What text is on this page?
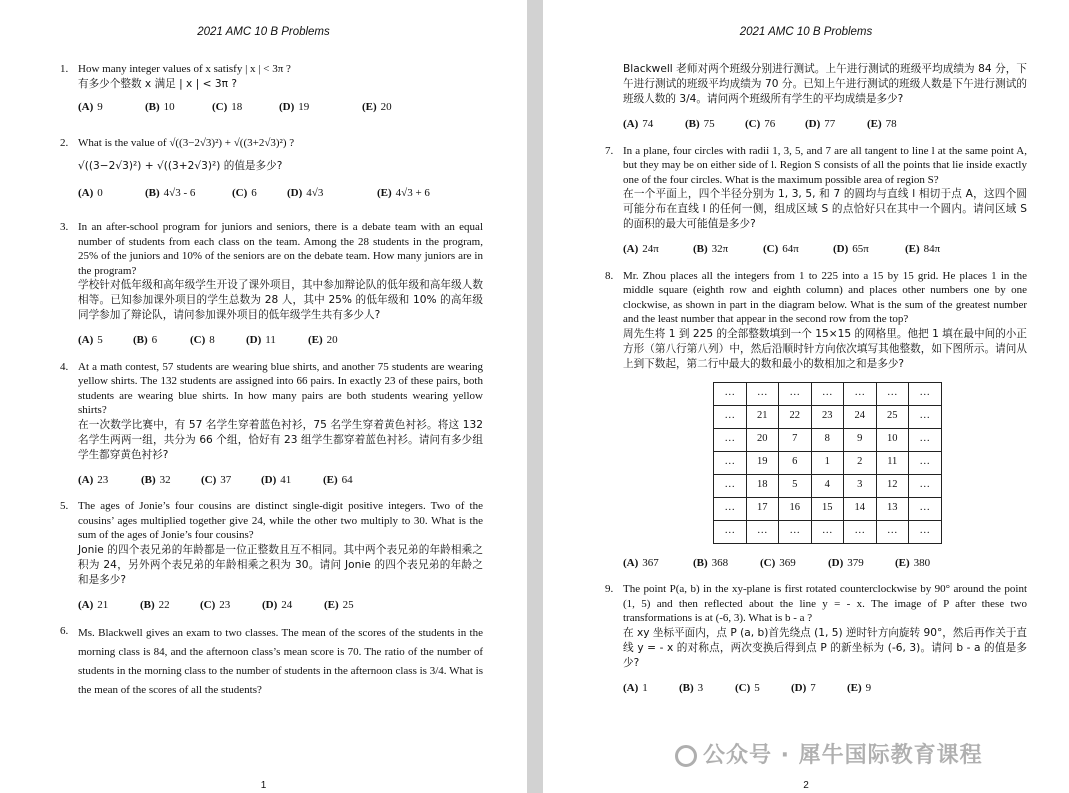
2021 AMC 10 B Problems
1. How many integer values of x satisfy | x | < 3π ?
有多少个整数 x 满足 | x | < 3π ?
(A) 9	(B) 10	(C) 18	(D) 19	(E) 20
2. What is the value of √((3−2√3)²) + √((3+2√3)²) ?
√((3−2√3)²) + √((3+2√3)²) 的值是多少?
(A) 0	(B) 4√3 - 6	(C) 6	(D) 4√3	(E) 4√3 + 6
3. In an after-school program for juniors and seniors, there is a debate team with an equal number of students from each class on the team. Among the 28 students in the program, 25% of the juniors and 10% of the seniors are on the debate team. How many juniors are in the program?
学校针对低年级和高年级学生开设了课外项目，其中参加辩论队的低年级和高年级人数相等。已知参加课外项目的学生总数为 28 人，其中 25% 的低年级和 10% 的高年级同学参加了辩论队，请问参加课外项目的低年级学生共有多少人?
(A) 5	(B) 6	(C) 8	(D) 11	(E) 20
4. At a math contest, 57 students are wearing blue shirts, and another 75 students are wearing yellow shirts. The 132 students are assigned into 66 pairs. In exactly 23 of these pairs, both students are wearing blue shirts. In how many pairs are both students wearing yellow shirts?
在一次数学比赛中，有 57 名学生穿着蓝色衬衫，75 名学生穿着黄色衬衫。将这 132 名学生两两一组，共分为 66 个组，恰好有 23 组学生都穿着蓝色衬衫。请问有多少组学生都穿黄色衬衫?
(A) 23	(B) 32	(C) 37	(D) 41	(E) 64
5. The ages of Jonie’s four cousins are distinct single-digit positive integers. Two of the cousins’ ages multiplied together give 24, while the other two multiply to 30. What is the sum of the ages of Jonie’s four cousins?
Jonie 的四个表兄弟的年龄都是一位正整数且互不相同。其中两个表兄弟的年龄相乘之积为 24，另外两个表兄弟的年龄相乘之积为 30。请问 Jonie 的四个表兄弟的年龄之和是多少?
(A) 21	(B) 22	(C) 23	(D) 24	(E) 25
6. Ms. Blackwell gives an exam to two classes. The mean of the scores of the students in the morning class is 84, and the afternoon class’s mean score is 70. The ratio of the number of students in the morning class to the number of students in the afternoon class is 3/4. What is the mean of the scores of all the students?
1
2021 AMC 10 B Problems
Blackwell 老师对两个班级分别进行测试。上午进行测试的班级平均成绩为 84 分，下午进行测试的班级平均成绩为 70 分。已知上午进行测试的班级人数是下午进行测试的班级人数的 3/4。请问两个班级所有学生的平均成绩是多少?
(A) 74	(B) 75	(C) 76	(D) 77	(E) 78
7. In a plane, four circles with radii 1, 3, 5, and 7 are all tangent to line l at the same point A, but they may be on either side of l. Region S consists of all the points that lie inside exactly one of the four circles. What is the maximum possible area of region S?
在一个平面上，四个半径分别为 1, 3, 5, 和 7 的圆均与直线 l 相切于点 A，这四个圆可能分布在直线 l 的任何一侧，组成区域 S 的点恰好只在其中一个圆内。请问区域 S 的面积的最大可能值是多少?
(A) 24π	(B) 32π	(C) 64π	(D) 65π	(E) 84π
8. Mr. Zhou places all the integers from 1 to 225 into a 15 by 15 grid. He places 1 in the middle square (eighth row and eighth column) and places other numbers one by one clockwise, as shown in part in the diagram below. What is the sum of the greatest number and the least number that appear in the second row from the top?
周先生将 1 到 225 的全部整数填到一个 15×15 的网格里。他把 1 填在最中间的小正方形（第八行第八列）中，然后沿顺时针方向依次填写其他整数，如下图所示。请问从上到下数起，第二行中最大的数和最小的数相加之和是多少?
…	…	…	…	…	…	…
…	21	22	23	24	25	…
…	20	7	8	9	10	…
…	19	6	1	2	11	…
…	18	5	4	3	12	…
…	17	16	15	14	13	…
…	…	…	…	…	…	…
(A) 367	(B) 368	(C) 369	(D) 379	(E) 380
9. The point P(a, b) in the xy-plane is first rotated counterclockwise by 90° around the point (1, 5) and then reflected about the line y = - x. The image of P after these two transformations is at (-6, 3). What is b - a ?
在 xy 坐标平面内，点 P (a, b)首先绕点 (1, 5) 逆时针方向旋转 90°，然后再作关于直线 y = - x 的对称点，两次变换后得到点 P 的新坐标为 (-6, 3)。请问 b - a 的值是多少?
(A) 1	(B) 3	(C) 5	(D) 7	(E) 9
2
公众号 · 犀牛国际教育课程
